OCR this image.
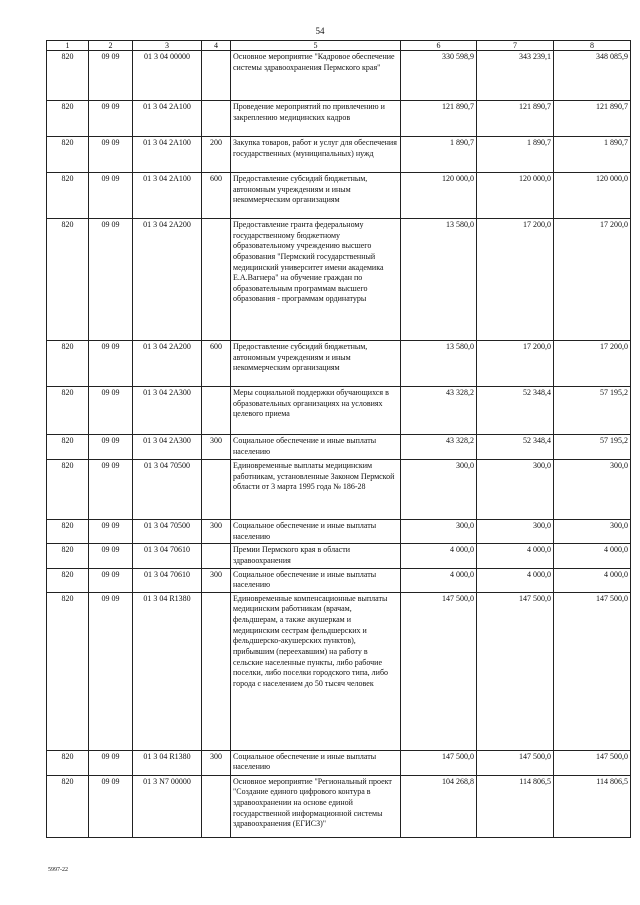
54
1	2	3	4	5	6	7	8
820	09 09	01 3 04 00000		Основное мероприятие "Кадровое обеспечение системы здравоохранения Пермского края"	330 598,9	343 239,1	348 085,9
820	09 09	01 3 04 2А100		Проведение мероприятий по привлечению и закреплению медицинских кадров	121 890,7	121 890,7	121 890,7
820	09 09	01 3 04 2А100	200	Закупка товаров, работ и услуг для обеспечения государственных (муниципальных) нужд	1 890,7	1 890,7	1 890,7
820	09 09	01 3 04 2А100	600	Предоставление субсидий бюджетным, автономным учреждениям и иным некоммерческим организациям	120 000,0	120 000,0	120 000,0
820	09 09	01 3 04 2А200		Предоставление гранта федеральному государственному бюджетному образовательному учреждению высшего образования "Пермский государственный медицинский университет имени академика Е.А.Вагнера" на обучение граждан по образовательным программам высшего образования - программам ординатуры	13 580,0	17 200,0	17 200,0
820	09 09	01 3 04 2А200	600	Предоставление субсидий бюджетным, автономным учреждениям и иным некоммерческим организациям	13 580,0	17 200,0	17 200,0
820	09 09	01 3 04 2А300		Меры социальной поддержки обучающихся в образовательных организациях на условиях целевого приема	43 328,2	52 348,4	57 195,2
820	09 09	01 3 04 2А300	300	Социальное обеспечение и иные выплаты населению	43 328,2	52 348,4	57 195,2
820	09 09	01 3 04 70500		Единовременные выплаты медицинским работникам, установленные Законом Пермской области от 3 марта 1995 года № 186-28	300,0	300,0	300,0
820	09 09	01 3 04 70500	300	Социальное обеспечение и иные выплаты населению	300,0	300,0	300,0
820	09 09	01 3 04 70610		Премии Пермского края в области здравоохранения	4 000,0	4 000,0	4 000,0
820	09 09	01 3 04 70610	300	Социальное обеспечение и иные выплаты населению	4 000,0	4 000,0	4 000,0
820	09 09	01 3 04 R1380		Единовременные компенсационные выплаты медицинским работникам (врачам, фельдшерам, а также акушеркам и медицинским сестрам фельдшерских и фельдшерско-акушерских пунктов), прибывшим (переехавшим) на работу в сельские населенные пункты, либо рабочие поселки, либо поселки городского типа, либо города с населением до 50 тысяч человек	147 500,0	147 500,0	147 500,0
820	09 09	01 3 04 R1380	300	Социальное обеспечение и иные выплаты населению	147 500,0	147 500,0	147 500,0
820	09 09	01 3 N7 00000		Основное мероприятие "Региональный проект "Создание единого цифрового контура в здравоохранении на основе единой государственной информационной системы здравоохранения (ЕГИСЗ)"	104 268,8	114 806,5	114 806,5
5997-22
